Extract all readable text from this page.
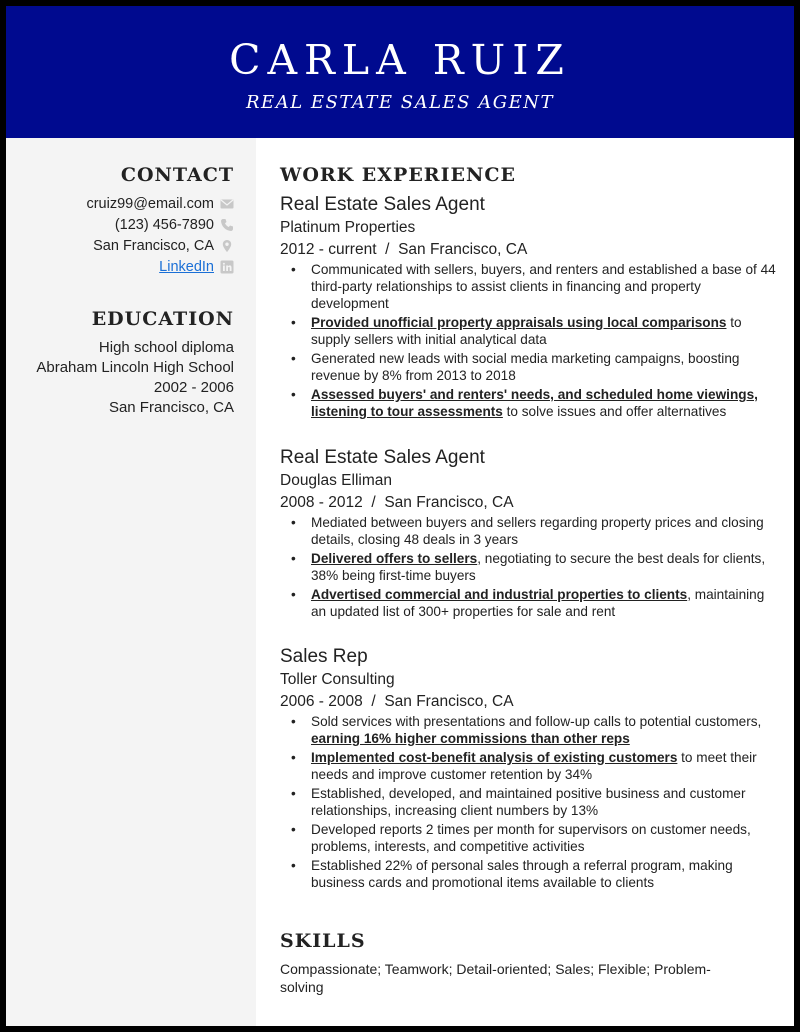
CARLA RUIZ
REAL ESTATE SALES AGENT
CONTACT
cruiz99@email.com
(123) 456-7890
San Francisco, CA
LinkedIn
EDUCATION
High school diploma
Abraham Lincoln High School
2002 - 2006
San Francisco, CA
WORK EXPERIENCE
Real Estate Sales Agent
Platinum Properties
2012 - current / San Francisco, CA
• Communicated with sellers, buyers, and renters and established a base of 44 third-party relationships to assist clients in financing and property development
• Provided unofficial property appraisals using local comparisons to supply sellers with initial analytical data
• Generated new leads with social media marketing campaigns, boosting revenue by 8% from 2013 to 2018
• Assessed buyers' and renters' needs, and scheduled home viewings, listening to tour assessments to solve issues and offer alternatives
Real Estate Sales Agent
Douglas Elliman
2008 - 2012 / San Francisco, CA
• Mediated between buyers and sellers regarding property prices and closing details, closing 48 deals in 3 years
• Delivered offers to sellers, negotiating to secure the best deals for clients, 38% being first-time buyers
• Advertised commercial and industrial properties to clients, maintaining an updated list of 300+ properties for sale and rent
Sales Rep
Toller Consulting
2006 - 2008 / San Francisco, CA
• Sold services with presentations and follow-up calls to potential customers, earning 16% higher commissions than other reps
• Implemented cost-benefit analysis of existing customers to meet their needs and improve customer retention by 34%
• Established, developed, and maintained positive business and customer relationships, increasing client numbers by 13%
• Developed reports 2 times per month for supervisors on customer needs, problems, interests, and competitive activities
• Established 22% of personal sales through a referral program, making business cards and promotional items available to clients
SKILLS
Compassionate; Teamwork; Detail-oriented; Sales; Flexible; Problem-solving
